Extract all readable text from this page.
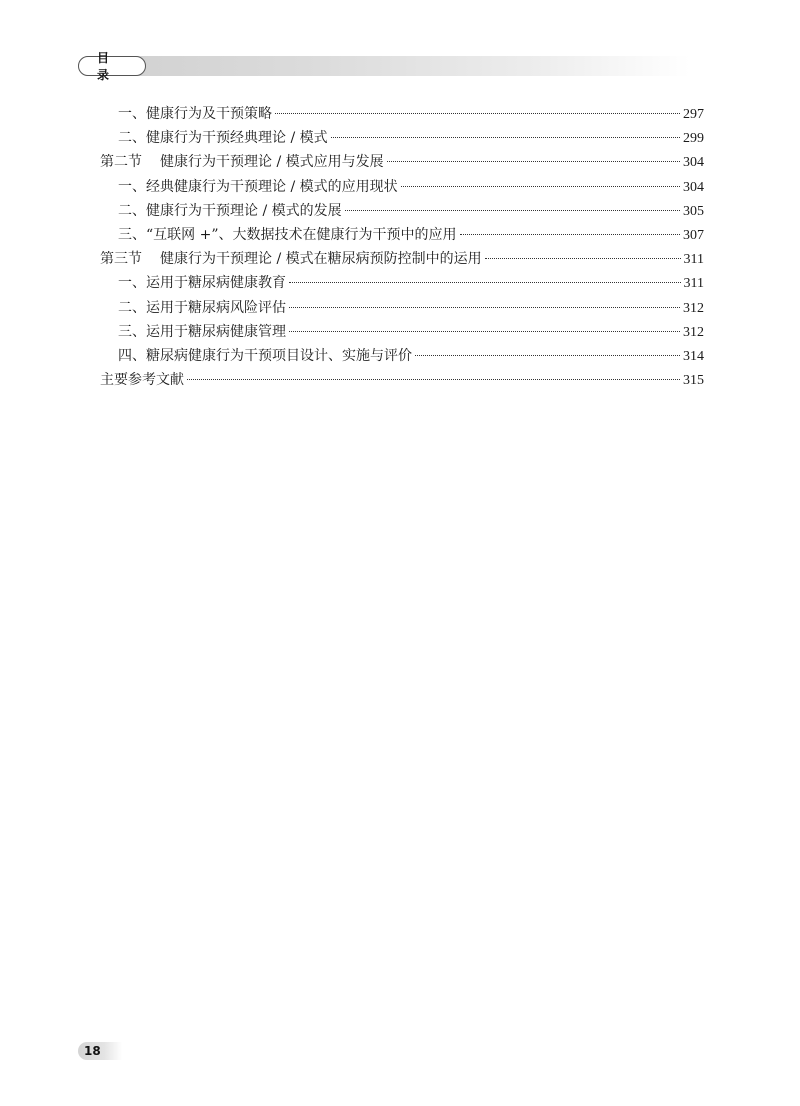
目 录
一、健康行为及干预策略	297
二、健康行为干预经典理论 / 模式	299
第二节 健康行为干预理论 / 模式应用与发展	304
一、经典健康行为干预理论 / 模式的应用现状	304
二、健康行为干预理论 / 模式的发展	305
三、“互联网 +”、大数据技术在健康行为干预中的应用	307
第三节 健康行为干预理论 / 模式在糖尿病预防控制中的运用	311
一、运用于糖尿病健康教育	311
二、运用于糖尿病风险评估	312
三、运用于糖尿病健康管理	312
四、糖尿病健康行为干预项目设计、实施与评价	314
主要参考文献	315
18
